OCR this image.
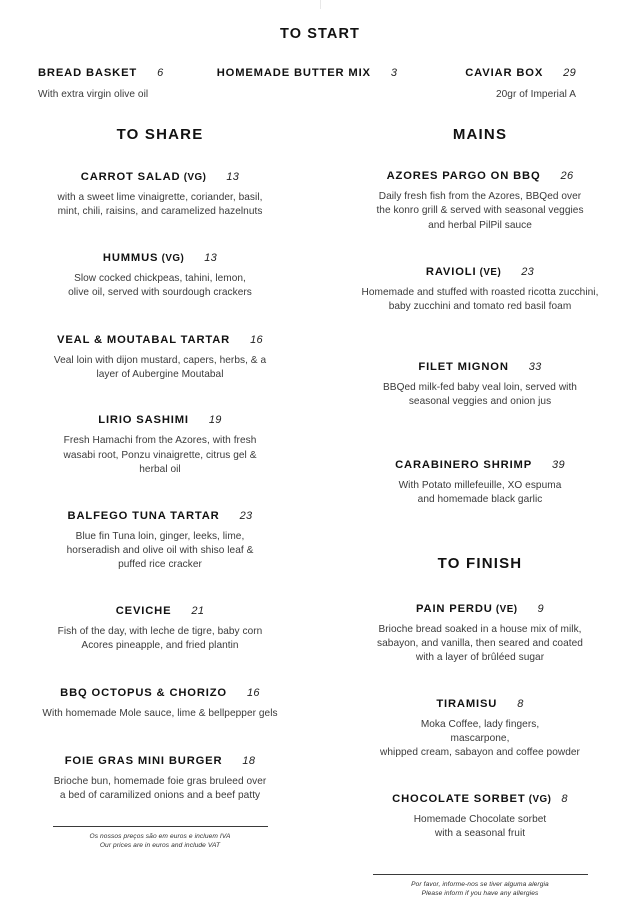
TO START
BREAD BASKET 6
With extra virgin olive oil
HOMEMADE BUTTER MIX 3	CAVIAR BOX 29
20gr of Imperial A
TO SHARE
CARROT SALAD (VG) 13
with a sweet lime vinaigrette, coriander, basil,
mint, chili, raisins, and caramelized hazelnuts
HUMMUS (VG) 13
Slow cocked chickpeas, tahini, lemon,
olive oil, served with sourdough crackers
VEAL & MOUTABAL TARTAR 16
Veal loin with dijon mustard, capers, herbs, & a
layer of Aubergine Moutabal
LIRIO SASHIMI 19
Fresh Hamachi from the Azores, with fresh
wasabi root, Ponzu vinaigrette, citrus gel &
herbal oil
BALFEGO TUNA TARTAR 23
Blue fin Tuna loin, ginger, leeks, lime,
horseradish and olive oil with shiso leaf &
puffed rice cracker
CEVICHE 21
Fish of the day, with leche de tigre, baby corn
Acores pineapple, and fried plantin
BBQ OCTOPUS & CHORIZO 16
With homemade Mole sauce, lime & bellpepper gels
FOIE GRAS MINI BURGER 18
Brioche bun, homemade foie gras bruleed over
a bed of caramilized onions and a beef patty
Os nossos preços são em euros e incluem IVA
Our prices are in euros and include VAT
MAINS
AZORES PARGO ON BBQ 26
Daily fresh fish from the Azores, BBQed over
the konro grill & served with seasonal veggies
and herbal PilPil sauce
RAVIOLI (VE) 23
Homemade and stuffed with roasted ricotta zucchini,
baby zucchini and tomato red basil foam
FILET MIGNON 33
BBQed milk-fed baby veal loin, served with
seasonal veggies and onion jus
CARABINERO SHRIMP 39
With Potato millefeuille, XO espuma
and homemade black garlic
TO FINISH
PAIN PERDU (VE) 9
Brioche bread soaked in a house mix of milk,
sabayon, and vanilla, then seared and coated
with a layer of brûléed sugar
TIRAMISU 8
Moka Coffee, lady fingers,
mascarpone,
whipped cream, sabayon and coffee powder
CHOCOLATE SORBET (VG) 8
Homemade Chocolate sorbet
with a seasonal fruit
Por favor, informe-nos se tiver alguma alergia
Please inform if you have any allergies
